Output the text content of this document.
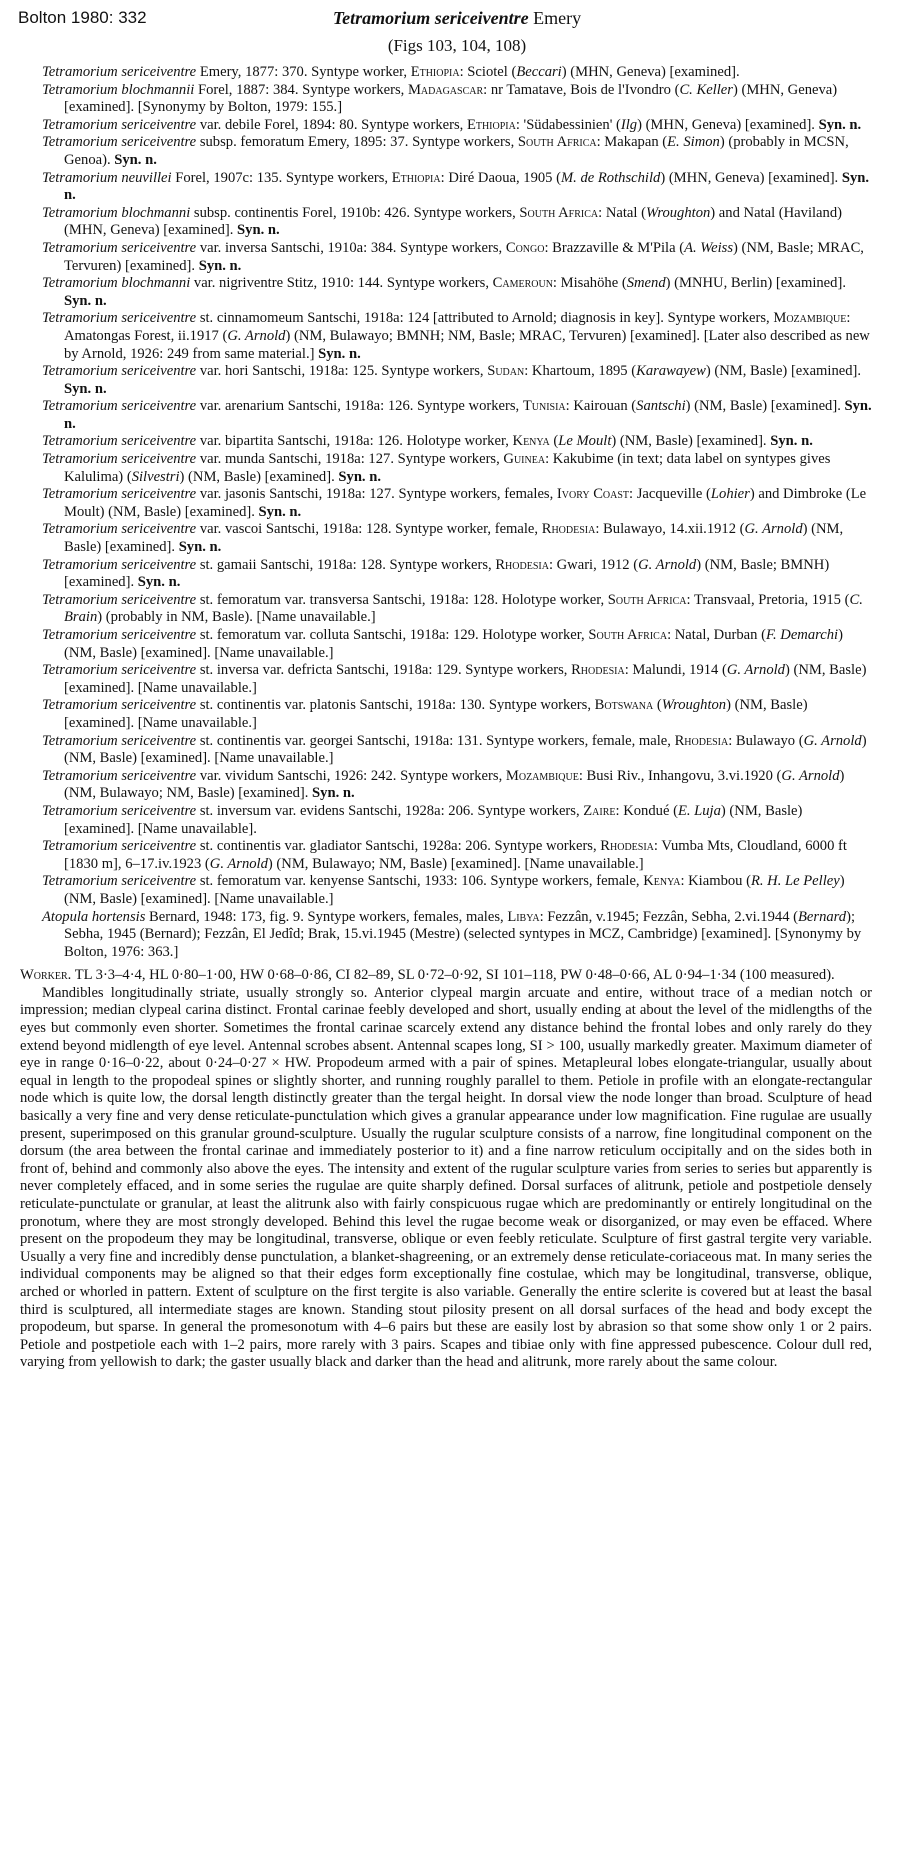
Bolton 1980: 332	Tetramorium sericeiventre Emery
(Figs 103, 104, 108)

Tetramorium sericeiventre Emery, 1877: 370. Syntype worker, Ethiopia: Sciotel (Beccari) (MHN, Geneva) [examined].

Tetramorium blochmannii Forel, 1887: 384. Syntype workers, Madagascar: nr Tamatave, Bois de l'Ivondro (C. Keller) (MHN, Geneva) [examined]. [Synonymy by Bolton, 1979: 155.]

Tetramorium sericeiventre var. debile Forel, 1894: 80. Syntype workers, Ethiopia: 'Südabessinien' (Ilg) (MHN, Geneva) [examined]. Syn. n.

Tetramorium sericeiventre subsp. femoratum Emery, 1895: 37. Syntype workers, South Africa: Makapan (E. Simon) (probably in MCSN, Genoa). Syn. n.

Tetramorium neuvillei Forel, 1907c: 135. Syntype workers, Ethiopia: Diré Daoua, 1905 (M. de Rothschild) (MHN, Geneva) [examined]. Syn. n.

Tetramorium blochmanni subsp. continentis Forel, 1910b: 426. Syntype workers, South Africa: Natal (Wroughton) and Natal (Haviland) (MHN, Geneva) [examined]. Syn. n.

Tetramorium sericeiventre var. inversa Santschi, 1910a: 384. Syntype workers, Congo: Brazzaville & M'Pila (A. Weiss) (NM, Basle; MRAC, Tervuren) [examined]. Syn. n.

Tetramorium blochmanni var. nigriventre Stitz, 1910: 144. Syntype workers, Cameroun: Misahöhe (Smend) (MNHU, Berlin) [examined]. Syn. n.

Tetramorium sericeiventre st. cinnamomeum Santschi, 1918a: 124 [attributed to Arnold; diagnosis in key]. Syntype workers, Mozambique: Amatongas Forest, ii.1917 (G. Arnold) (NM, Bulawayo; BMNH; NM, Basle; MRAC, Tervuren) [examined]. [Later also described as new by Arnold, 1926: 249 from same material.] Syn. n.

Tetramorium sericeiventre var. hori Santschi, 1918a: 125. Syntype workers, Sudan: Khartoum, 1895 (Karawayew) (NM, Basle) [examined]. Syn. n.

Tetramorium sericeiventre var. arenarium Santschi, 1918a: 126. Syntype workers, Tunisia: Kairouan (Santschi) (NM, Basle) [examined]. Syn. n.

Tetramorium sericeiventre var. bipartita Santschi, 1918a: 126. Holotype worker, Kenya (Le Moult) (NM, Basle) [examined]. Syn. n.

Tetramorium sericeiventre var. munda Santschi, 1918a: 127. Syntype workers, Guinea: Kakubime (in text; data label on syntypes gives Kalulima) (Silvestri) (NM, Basle) [examined]. Syn. n.

Tetramorium sericeiventre var. jasonis Santschi, 1918a: 127. Syntype workers, females, Ivory Coast: Jacqueville (Lohier) and Dimbroke (Le Moult) (NM, Basle) [examined]. Syn. n.

Tetramorium sericeiventre var. vascoi Santschi, 1918a: 128. Syntype worker, female, Rhodesia: Bulawayo, 14.xii.1912 (G. Arnold) (NM, Basle) [examined]. Syn. n.

Tetramorium sericeiventre st. gamaii Santschi, 1918a: 128. Syntype workers, Rhodesia: Gwari, 1912 (G. Arnold) (NM, Basle; BMNH) [examined]. Syn. n.

Tetramorium sericeiventre st. femoratum var. transversa Santschi, 1918a: 128. Holotype worker, South Africa: Transvaal, Pretoria, 1915 (C. Brain) (probably in NM, Basle). [Name unavailable.]

Tetramorium sericeiventre st. femoratum var. colluta Santschi, 1918a: 129. Holotype worker, South Africa: Natal, Durban (F. Demarchi) (NM, Basle) [examined]. [Name unavailable.]

Tetramorium sericeiventre st. inversa var. defricta Santschi, 1918a: 129. Syntype workers, Rhodesia: Malundi, 1914 (G. Arnold) (NM, Basle) [examined]. [Name unavailable.]

Tetramorium sericeiventre st. continentis var. platonis Santschi, 1918a: 130. Syntype workers, Botswana (Wroughton) (NM, Basle) [examined]. [Name unavailable.]

Tetramorium sericeiventre st. continentis var. georgei Santschi, 1918a: 131. Syntype workers, female, male, Rhodesia: Bulawayo (G. Arnold) (NM, Basle) [examined]. [Name unavailable.]

Tetramorium sericeiventre var. vividum Santschi, 1926: 242. Syntype workers, Mozambique: Busi Riv., Inhangovu, 3.vi.1920 (G. Arnold) (NM, Bulawayo; NM, Basle) [examined]. Syn. n.

Tetramorium sericeiventre st. inversum var. evidens Santschi, 1928a: 206. Syntype workers, Zaire: Kondué (E. Luja) (NM, Basle) [examined]. [Name unavailable].

Tetramorium sericeiventre st. continentis var. gladiator Santschi, 1928a: 206. Syntype workers, Rhodesia: Vumba Mts, Cloudland, 6000 ft [1830 m], 6–17.iv.1923 (G. Arnold) (NM, Bulawayo; NM, Basle) [examined]. [Name unavailable.]

Tetramorium sericeiventre st. femoratum var. kenyense Santschi, 1933: 106. Syntype workers, female, Kenya: Kiambou (R. H. Le Pelley) (NM, Basle) [examined]. [Name unavailable.]

Atopula hortensis Bernard, 1948: 173, fig. 9. Syntype workers, females, males, Libya: Fezzân, v.1945; Fezzân, Sebha, 2.vi.1944 (Bernard); Sebha, 1945 (Bernard); Fezzân, El Jedîd; Brak, 15.vi.1945 (Mestre) (selected syntypes in MCZ, Cambridge) [examined]. [Synonymy by Bolton, 1976: 363.]

Worker. TL 3·3–4·4, HL 0·80–1·00, HW 0·68–0·86, CI 82–89, SL 0·72–0·92, SI 101–118, PW 0·48–0·66, AL 0·94–1·34 (100 measured).

Mandibles longitudinally striate, usually strongly so. Anterior clypeal margin arcuate and entire, without trace of a median notch or impression; median clypeal carina distinct. Frontal carinae feebly developed and short, usually ending at about the level of the midlengths of the eyes but commonly even shorter. Sometimes the frontal carinae scarcely extend any distance behind the frontal lobes and only rarely do they extend beyond midlength of eye level. Antennal scrobes absent. Antennal scapes long, SI > 100, usually markedly greater. Maximum diameter of eye in range 0·16–0·22, about 0·24–0·27 × HW. Propodeum armed with a pair of spines. Metapleural lobes elongate-triangular, usually about equal in length to the propodeal spines or slightly shorter, and running roughly parallel to them. Petiole in profile with an elongate-rectangular node which is quite low, the dorsal length distinctly greater than the tergal height. In dorsal view the node longer than broad. Sculpture of head basically a very fine and very dense reticulate-punctulation which gives a granular appearance under low magnification. Fine rugulae are usually present, superimposed on this granular ground-sculpture. Usually the rugular sculpture consists of a narrow, fine longitudinal component on the dorsum (the area between the frontal carinae and immediately posterior to it) and a fine narrow reticulum occipitally and on the sides both in front of, behind and commonly also above the eyes. The intensity and extent of the rugular sculpture varies from series to series but apparently is never completely effaced, and in some series the rugulae are quite sharply defined. Dorsal surfaces of alitrunk, petiole and postpetiole densely reticulate-punctulate or granular, at least the alitrunk also with fairly conspicuous rugae which are predominantly or entirely longitudinal on the pronotum, where they are most strongly developed. Behind this level the rugae become weak or disorganized, or may even be effaced. Where present on the propodeum they may be longitudinal, transverse, oblique or even feebly reticulate. Sculpture of first gastral tergite very variable. Usually a very fine and incredibly dense punctulation, a blanket-shagreening, or an extremely dense reticulate-coriaceous mat. In many series the individual components may be aligned so that their edges form exceptionally fine costulae, which may be longitudinal, transverse, oblique, arched or whorled in pattern. Extent of sculpture on the first tergite is also variable. Generally the entire sclerite is covered but at least the basal third is sculptured, all intermediate stages are known. Standing stout pilosity present on all dorsal surfaces of the head and body except the propodeum, but sparse. In general the promesonotum with 4–6 pairs but these are easily lost by abrasion so that some show only 1 or 2 pairs. Petiole and postpetiole each with 1–2 pairs, more rarely with 3 pairs. Scapes and tibiae only with fine appressed pubescence. Colour dull red, varying from yellowish to dark; the gaster usually black and darker than the head and alitrunk, more rarely about the same colour.
